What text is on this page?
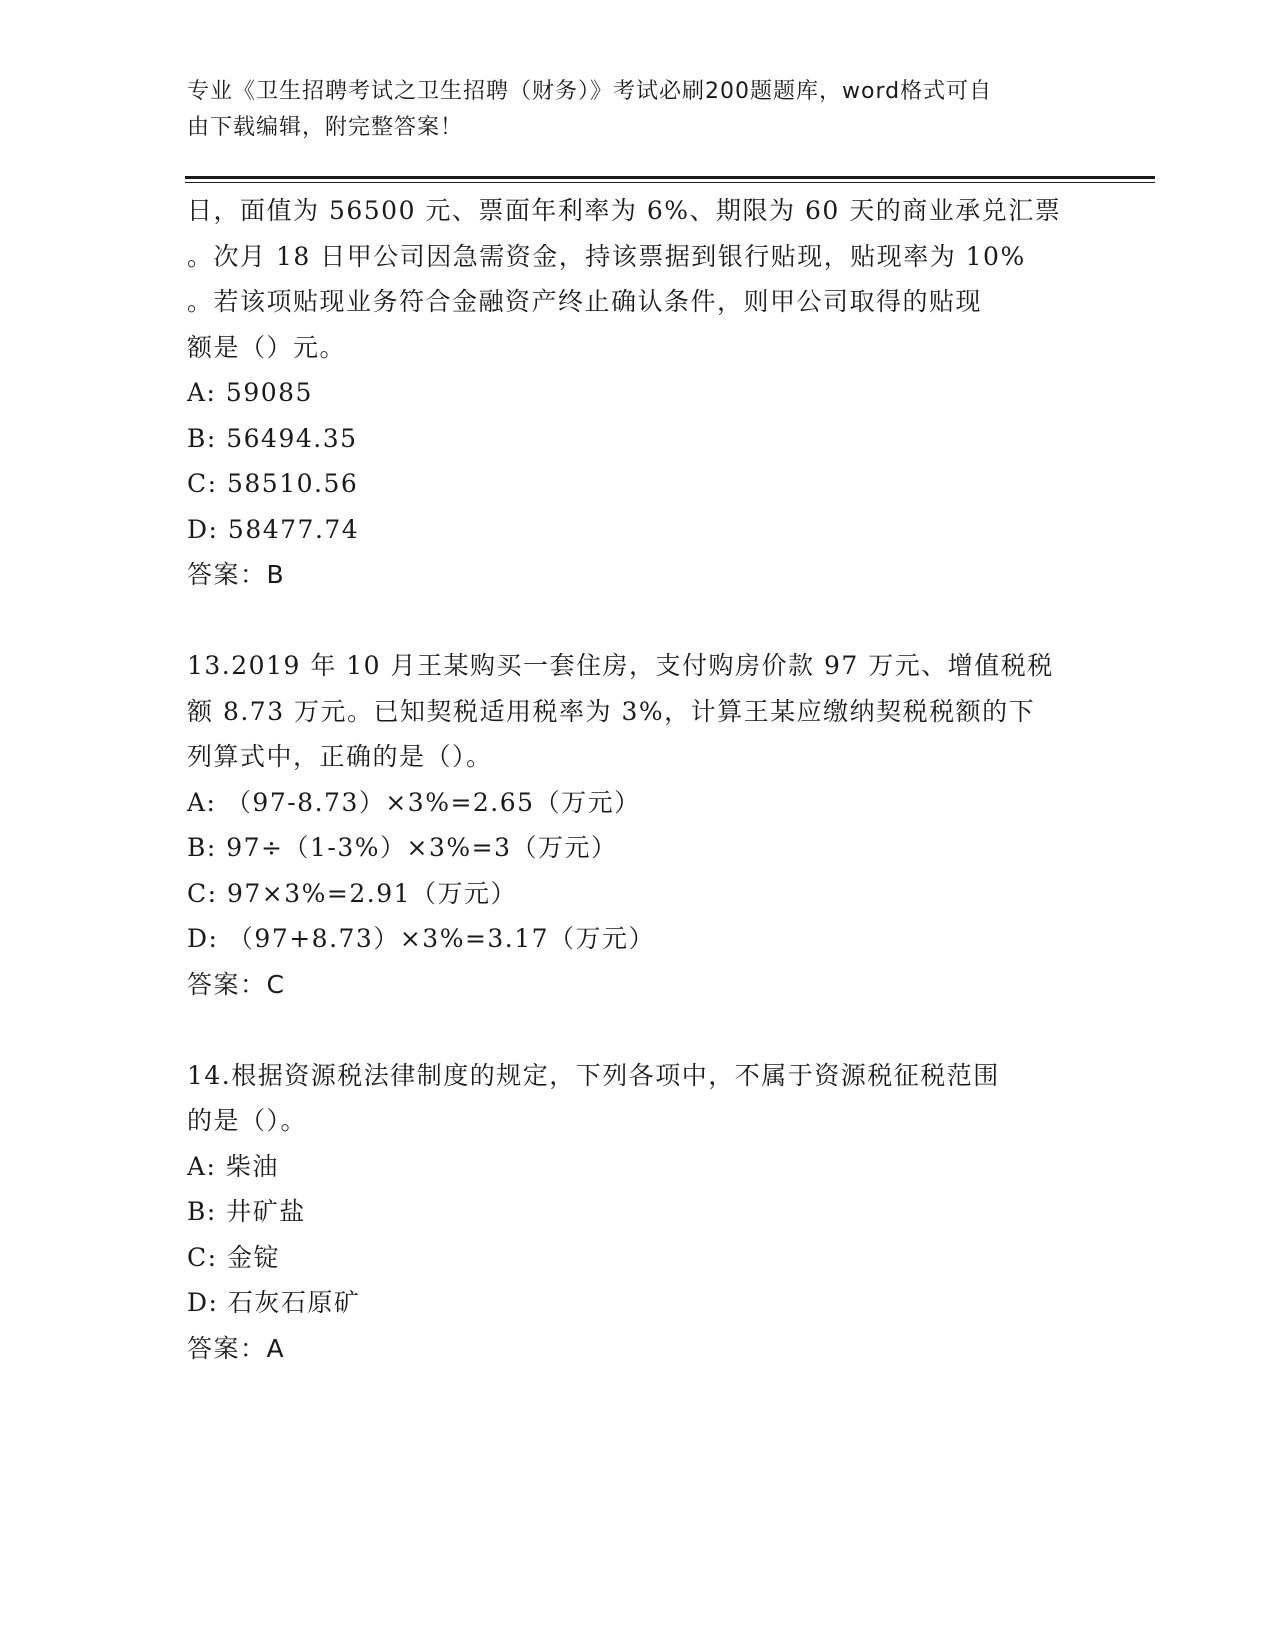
专业《卫生招聘考试之卫生招聘（财务）》考试必刷200题题库，word格式可自
由下载编辑，附完整答案！
日，面值为 56500 元、票面年利率为 6%、期限为 60 天的商业承兑汇票
。次月 18 日甲公司因急需资金，持该票据到银行贴现，贴现率为 10%
。若该项贴现业务符合金融资产终止确认条件，则甲公司取得的贴现
额是（）元。
A: 59085
B: 56494.35
C: 58510.56
D: 58477.74
答案：B
13.2019 年 10 月王某购买一套住房，支付购房价款 97 万元、增值税税
额 8.73 万元。已知契税适用税率为 3%，计算王某应缴纳契税税额的下
列算式中，正确的是（）。
A: （97-8.73）×3%=2.65（万元）
B: 97÷（1-3%）×3%=3（万元）
C: 97×3%=2.91（万元）
D: （97+8.73）×3%=3.17（万元）
答案：C
14.根据资源税法律制度的规定，下列各项中，不属于资源税征税范围
的是（）。
A: 柴油
B: 井矿盐
C: 金锭
D: 石灰石原矿
答案：A
